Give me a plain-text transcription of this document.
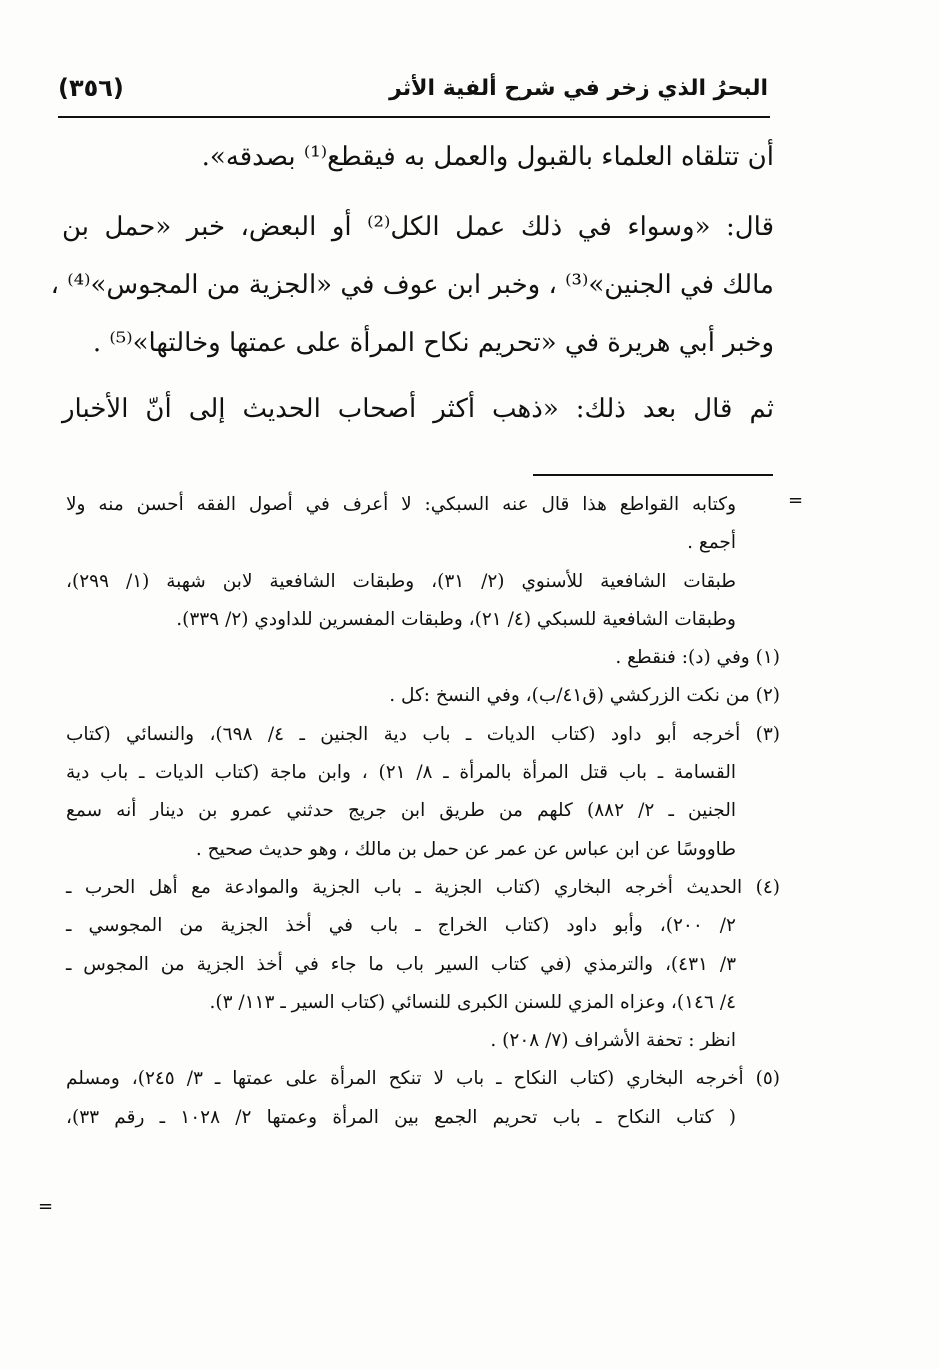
البحرُ الذي زخر في شرح ألفية الأثر
(٣٥٦)
أن تتلقاه العلماء بالقبول والعمل به فيقطع⁽¹⁾ بصدقه».
قال: «وسواء في ذلك عمل الكل⁽²⁾ أو البعض، خبر «حمل بن
مالك في الجنين»⁽³⁾ ، وخبر ابن عوف في «الجزية من المجوس»⁽⁴⁾ ،
وخبر أبي هريرة في «تحريم نكاح المرأة على عمتها وخالتها»⁽⁵⁾ .
ثم قال بعد ذلك: «ذهب أكثر أصحاب الحديث إلى أنّ الأخبار
=
وكتابه القواطع هذا قال عنه السبكي: لا أعرف في أصول الفقه أحسن منه ولا
أجمع .
طبقات الشافعية للأسنوي (٢/ ٣١)، وطبقات الشافعية لابن شهبة (١/ ٢٩٩)،
وطبقات الشافعية للسبكي (٤/ ٢١)، وطبقات المفسرين للداودي (٢/ ٣٣٩).
(١) وفي (د): فنقطع .
(٢) من نكت الزركشي (ق٤١/ب)، وفي النسخ :كل .
(٣) أخرجه أبو داود (كتاب الديات ـ باب دية الجنين ـ ٤/ ٦٩٨)، والنسائي (كتاب
القسامة ـ باب قتل المرأة بالمرأة ـ ٨/ ٢١) ، وابن ماجة (كتاب الديات ـ باب دية
الجنين ـ ٢/ ٨٨٢) كلهم من طريق ابن جريج حدثني عمرو بن دينار أنه سمع
طاووسًا عن ابن عباس عن عمر عن حمل بن مالك ، وهو حديث صحيح .
(٤) الحديث أخرجه البخاري (كتاب الجزية ـ باب الجزية والموادعة مع أهل الحرب ـ
٢/ ٢٠٠)، وأبو داود (كتاب الخراج ـ باب في أخذ الجزية من المجوسي ـ
٣/ ٤٣١)، والترمذي (في كتاب السير باب ما جاء في أخذ الجزية من المجوس ـ
٤/ ١٤٦)، وعزاه المزي للسنن الكبرى للنسائي (كتاب السير ـ ١١٣/ ٣).
انظر : تحفة الأشراف (٧/ ٢٠٨) .
(٥) أخرجه البخاري (كتاب النكاح ـ باب لا تنكح المرأة على عمتها ـ ٣/ ٢٤٥)، ومسلم
( كتاب النكاح ـ باب تحريم الجمع بين المرأة وعمتها ٢/ ١٠٢٨ ـ رقم ٣٣)،
=
